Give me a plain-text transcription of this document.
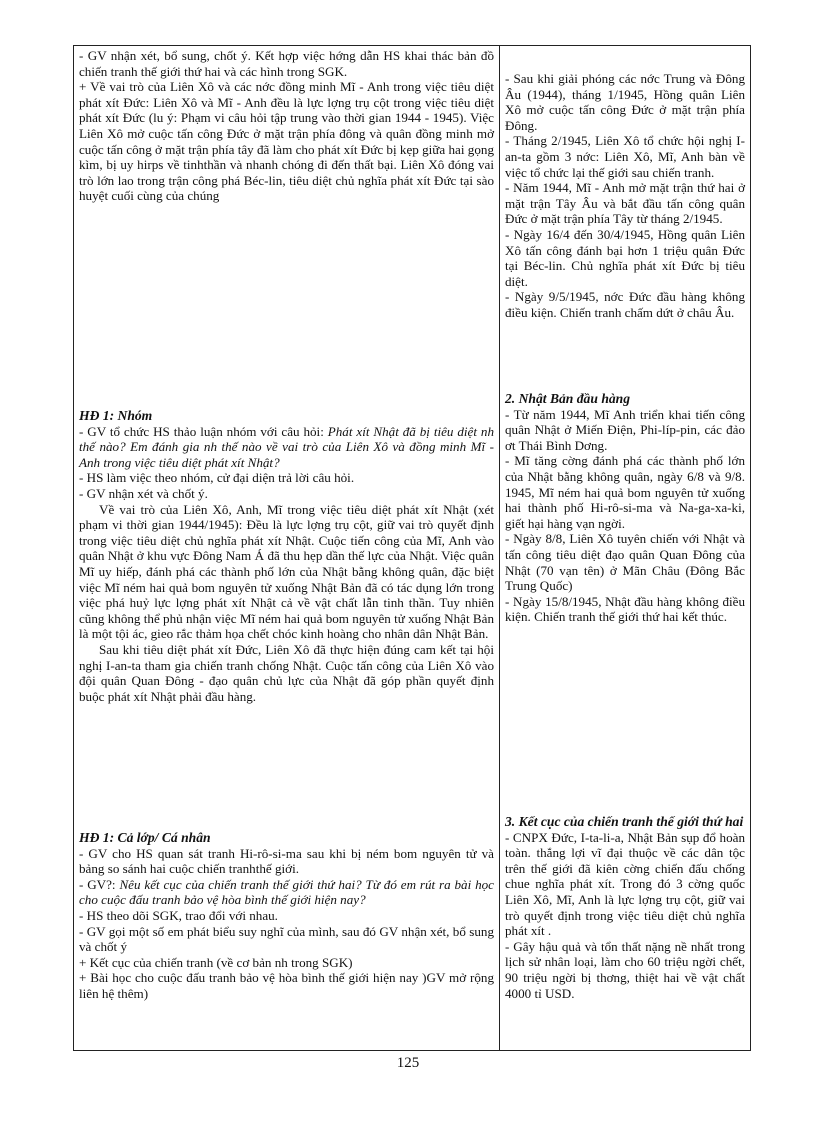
- GV nhận xét, bổ sung, chốt ý. Kết hợp việc hớng dẫn HS khai thác bản đồ chiến tranh thế giới thứ hai và các hình trong SGK.

+ Về vai trò của Liên Xô và các nớc đồng minh Mĩ - Anh trong việc tiêu diệt phát xít Đức: Liên Xô và Mĩ - Anh đều là lực lợng trụ cột trong việc tiêu diệt phát xít Đức (lu ý: Phạm vi câu hỏi tập trung vào thời gian 1944 - 1945). Việc Liên Xô mở cuộc tấn công Đức ở mặt trận phía đông và quân đồng minh mở cuộc tấn công ở mặt trận phía tây đã làm cho phát xít Đức bị kẹp giữa hai gọng kìm, bị uy hirps về tinhthần và nhanh chóng đi đến thất bại. Liên Xô đóng vai trò lớn lao trong trận công phá Béc-lin, tiêu diệt chủ nghĩa phát xít Đức tại sào huyệt cuối cùng của chúng

HĐ 1: Nhóm

- GV tổ chức HS thảo luận nhóm với câu hỏi: Phát xít Nhật đã bị tiêu diệt nh thế nào? Em đánh gia nh thế nào về vai trò của Liên Xô và đồng minh Mĩ - Anh trong việc tiêu diệt phát xít Nhật?

- HS làm việc theo nhóm, cử đại diện trả lời câu hỏi.

- GV nhận xét và chốt ý.

Về vai trò của Liên Xô, Anh, Mĩ trong việc tiêu diệt phát xít Nhật (xét phạm vi thời gian 1944/1945): Đều là lực lợng trụ cột, giữ vai trò quyết định trong việc tiêu diệt chủ nghĩa phát xít Nhật. Cuộc tiến công của Mĩ, Anh vào quân Nhật ở khu vực Đông Nam Á đã thu hẹp dần thế lực của Nhật. Việc quân Mĩ uy hiếp, đánh phá các thành phố lớn của Nhật bằng không quân, đặc biệt việc Mĩ ném hai quả bom nguyên tử xuống Nhật Bản đã có tác dụng lớn trong việc phá huỷ lực lợng phát xít Nhật cả về vật chất lẫn tinh thần. Tuy nhiên cũng không thể phủ nhận việc Mĩ ném hai quả bom nguyên tử xuống Nhật Bản là một tội ác, gieo rắc thảm họa chết chóc kinh hoàng cho nhân dân Nhật Bản.

Sau khi tiêu diệt phát xít Đức, Liên Xô đã thực hiện đúng cam kết tại hội nghị I-an-ta tham gia chiến tranh chống Nhật. Cuộc tấn công của Liên Xô vào đội quân Quan Đông - đạo quân chủ lực của Nhật đã góp phần quyết định buộc phát xít Nhật phải đầu hàng.

HĐ 1: Cả lớp/ Cá nhân

- GV cho HS quan sát tranh Hi-rô-si-ma sau khi bị ném bom nguyên tử và bảng so sánh hai cuộc chiến tranhthế giới.

- GV?: Nêu kết cục của chiến tranh thế giới thứ hai? Từ đó em rút ra bài học cho cuộc đấu tranh bảo vệ hòa bình thế giới hiện nay?

- HS theo dõi SGK, trao đổi với nhau.

- GV gọi một số em phát biểu suy nghĩ của mình, sau đó GV nhận xét, bổ sung và chốt ý

+ Kết cục của chiến tranh (về cơ bản nh trong SGK)

+ Bài học cho cuộc đấu tranh bảo vệ hòa bình thế giới hiện nay )GV mở rộng liên hệ thêm)

- Sau khi giải phóng các nớc Trung và Đông Âu (1944), tháng 1/1945, Hồng quân Liên Xô mở cuộc tấn công Đức ở mặt trận phía Đông.

- Tháng 2/1945, Liên Xô tổ chức hội nghị I-an-ta gồm 3 nớc: Liên Xô, Mĩ, Anh bàn về việc tổ chức lại thế giới sau chiến tranh.

- Năm 1944, Mĩ - Anh mở mặt trận thứ hai ở mặt trận Tây Âu và bắt đầu tấn công quân Đức ở mặt trận phía Tây từ tháng 2/1945.

- Ngày 16/4 đến 30/4/1945, Hồng quân Liên Xô tấn công đánh bại hơn 1 triệu quân Đức tại Béc-lin. Chủ nghĩa phát xít Đức bị tiêu diệt.

- Ngày 9/5/1945, nớc Đức đầu hàng không điều kiện. Chiến tranh chấm dứt ở châu Âu.

2. Nhật Bản đầu hàng

- Từ năm 1944, Mĩ Anh triển khai tiến công quân Nhật ở Miến Điện, Phi-líp-pin, các đảo ơt Thái Bình Dơng.

- Mĩ tăng cờng đánh phá các thành phố lớn của Nhật bằng không quân, ngày 6/8 và 9/8. 1945, Mĩ ném hai quả bom nguyên tử xuống hai thành phố Hi-rô-si-ma và Na-ga-xa-ki, giết hại hàng vạn ngời.

- Ngày 8/8, Liên Xô tuyên chiến với Nhật và tấn công tiêu diệt đạo quân Quan Đông của Nhật (70 vạn tên) ở Mãn Châu (Đông Bắc Trung Quốc)

- Ngày 15/8/1945, Nhật đầu hàng không điều kiện. Chiến tranh thế giới thứ hai kết thúc.

3. Kết cục của chiến tranh thế giới thứ hai

- CNPX Đức, I-ta-li-a, Nhật Bản sụp đổ hoàn toàn. thắng lợi vĩ đại thuộc về các dân tộc trên thế giới đã kiên cờng chiến đấu chống chue nghĩa phát xít. Trong đó 3 cờng quốc Liên Xô, Mĩ, Anh là lực lợng trụ cột, giữ vai trò quyết định trong việc tiêu diệt chủ nghĩa phát xít .

- Gây hậu quả và tổn thất nặng nề nhất trong lịch sử nhân loại, làm cho 60 triệu ngời chết, 90 triệu ngời bị thơng, thiệt hai về vật chất 4000 tỉ USD.

125
